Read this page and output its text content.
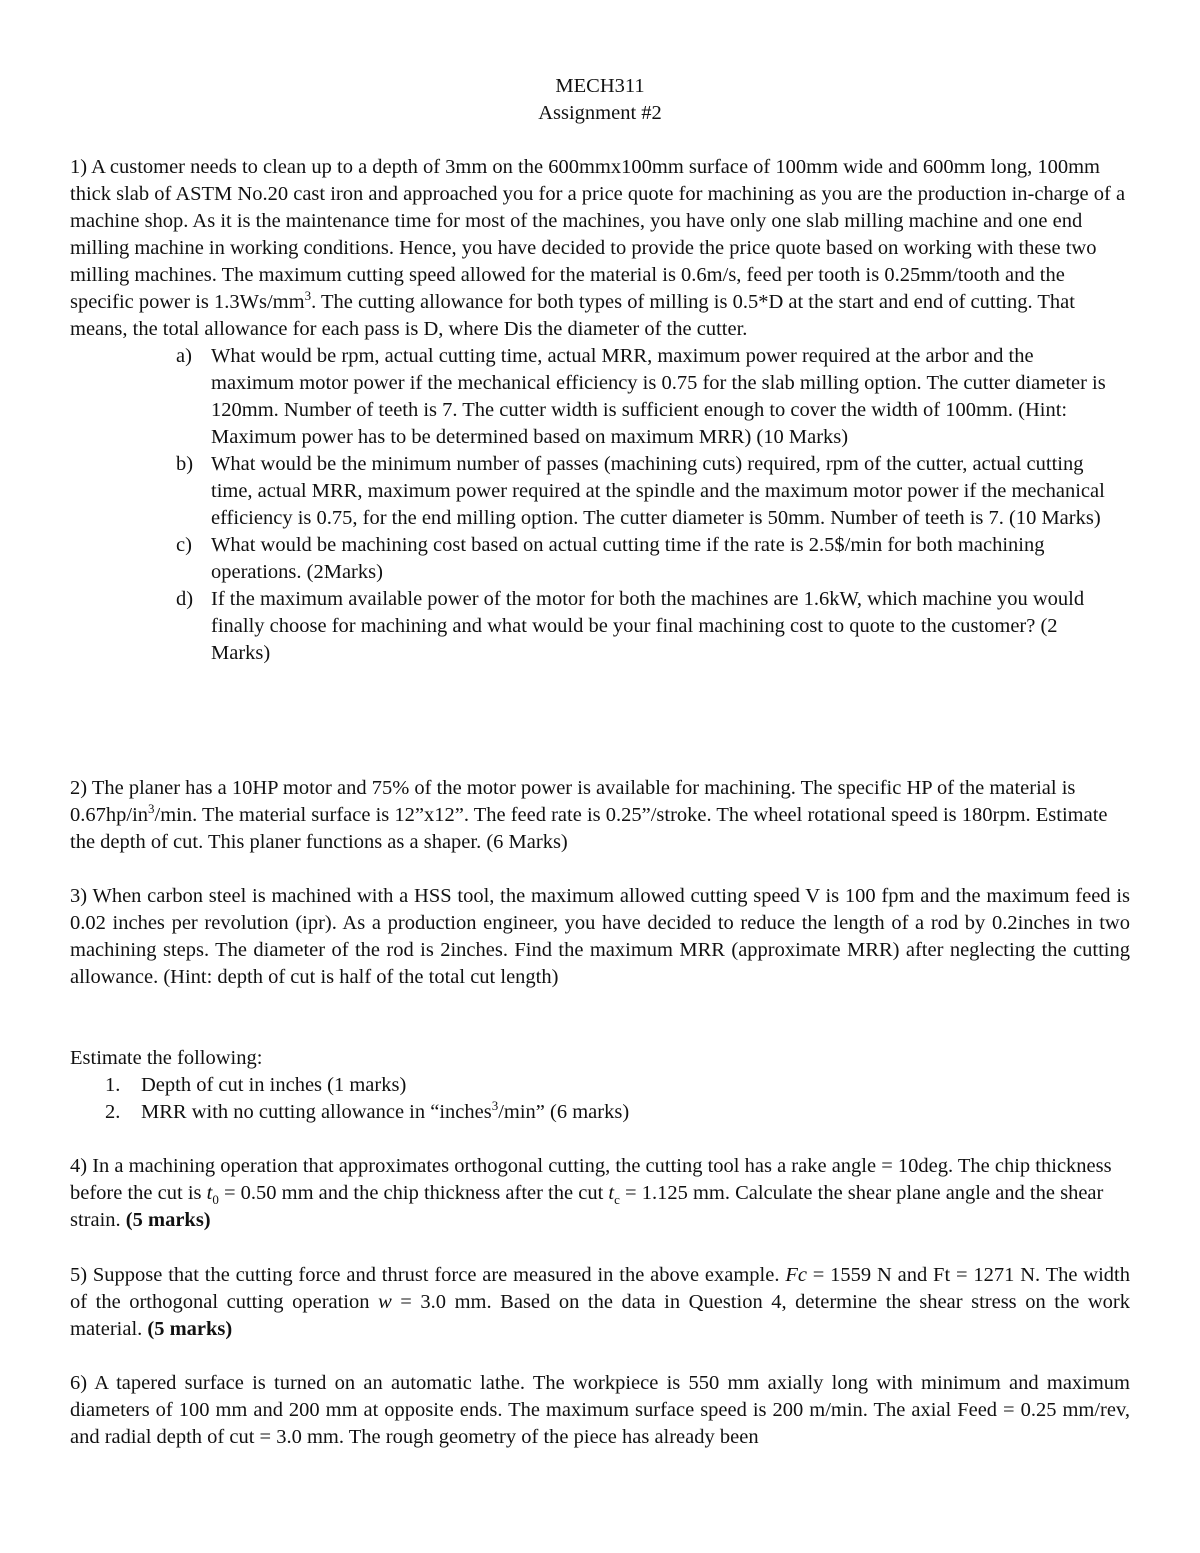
MECH311
Assignment #2

1) A customer needs to clean up to a depth of 3mm on the 600mmx100mm surface of 100mm wide and 600mm long, 100mm thick slab of ASTM No.20 cast iron and approached you for a price quote for machining as you are the production in-charge of a machine shop. As it is the maintenance time for most of the machines, you have only one slab milling machine and one end milling machine in working conditions. Hence, you have decided to provide the price quote based on working with these two milling machines. The maximum cutting speed allowed for the material is 0.6m/s, feed per tooth is 0.25mm/tooth and the specific power is $1.3Ws/mm^3$. The cutting allowance for both types of milling is 0.5*D at the start and end of cutting. That means, the total allowance for each pass is D, where Dis the diameter of the cutter.

a) What would be rpm, actual cutting time, actual MRR, maximum power required at the arbor and the maximum motor power if the mechanical efficiency is 0.75 for the slab milling option. The cutter diameter is 120mm. Number of teeth is 7. The cutter width is sufficient enough to cover the width of 100mm. (Hint: Maximum power has to be determined based on maximum MRR) (10 Marks)
b) What would be the minimum number of passes (machining cuts) required, rpm of the cutter, actual cutting time, actual MRR, maximum power required at the spindle and the maximum motor power if the mechanical efficiency is 0.75, for the end milling option. The cutter diameter is 50mm. Number of teeth is 7. (10 Marks)
c) What would be machining cost based on actual cutting time if the rate is 2.5$/min for both machining operations. (2Marks)
d) If the maximum available power of the motor for both the machines are 1.6kW, which machine you would finally choose for machining and what would be your final machining cost to quote to the customer? (2 Marks)

2) The planer has a 10HP motor and 75% of the motor power is available for machining. The specific HP of the material is $0.67hp/in^3/\min$. The material surface is 12”x12”. The feed rate is 0.25”/stroke. The wheel rotational speed is 180rpm. Estimate the depth of cut. This planer functions as a shaper. (6 Marks)

3) When carbon steel is machined with a HSS tool, the maximum allowed cutting speed V is 100 fpm and the maximum feed is 0.02 inches per revolution (ipr). As a production engineer, you have decided to reduce the length of a rod by 0.2inches in two machining steps. The diameter of the rod is 2inches. Find the maximum MRR (approximate MRR) after neglecting the cutting allowance. (Hint: depth of cut is half of the total cut length)

Estimate the following:

1. Depth of cut in inches (1 marks)
2. MRR with no cutting allowance in “inches$^3$/min” (6 marks)

4) In a machining operation that approximates orthogonal cutting, the cutting tool has a rake angle = 10deg. The chip thickness before the cut is $t_0 = 0.50$ mm and the chip thickness after the cut $t_c = 1.125$ mm. Calculate the shear plane angle and the shear strain. (5 marks)

5) Suppose that the cutting force and thrust force are measured in the above example. Fc = 1559 N and Ft = 1271 N. The width of the orthogonal cutting operation w = 3.0 mm. Based on the data in Question 4, determine the shear stress on the work material. (5 marks)

6) A tapered surface is turned on an automatic lathe. The workpiece is 550 mm axially long with minimum and maximum diameters of 100 mm and 200 mm at opposite ends. The maximum surface speed is 200 m/min. The axial Feed = 0.25 mm/rev, and radial depth of cut = 3.0 mm. The rough geometry of the piece has already been
